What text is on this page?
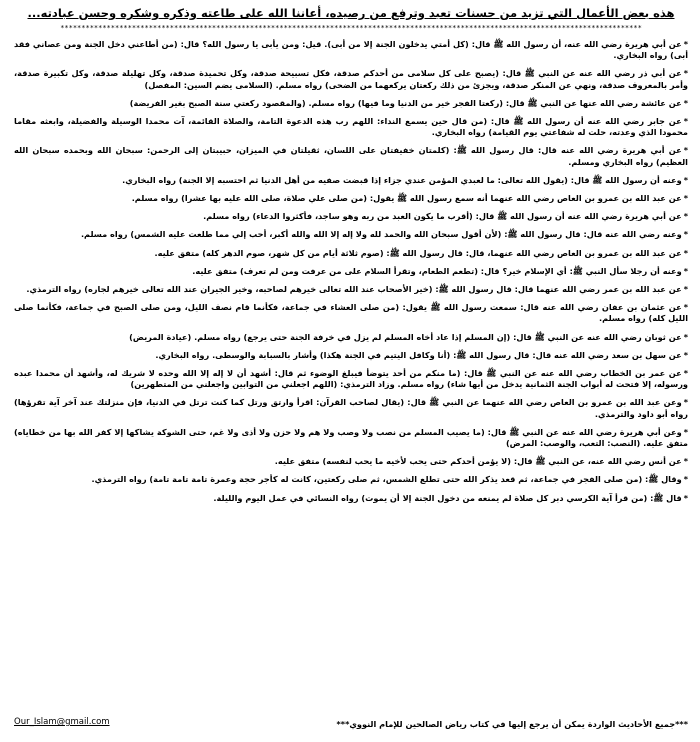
هذه بعض الأعمال التي تزيد من حسنات تعبد وترفع من رصيده، أعاننا الله على طاعته وذكره وشكره وحسن عبادته...
******************************************************************************************************************************************
*عن أبي هريرة رضي الله عنه، أن رسول الله ﷺ قال: (كل أمتي يدخلون الجنة إلا من أبى). قيل: ومن يأبى يا رسول الله؟ قال: (من أطاعني دخل الجنة ومن عصاني فقد أبى) رواه البخاري.
*عن أبي ذر رضي الله عنه عن النبي ﷺ قال: (يصبح على كل سلامى من أحدكم صدقة، فكل تسبيحة صدقة، وكل تحميدة صدقة، وكل تهليلة صدقة، وكل تكبيرة صدقة، وأمر بالمعروف صدقة، ونهي عن المنكر صدقة، ويجزئ من ذلك ركعتان يركعهما من الضحى) رواه مسلم. (السلامى يضم السين: المفصل)
*عن عائشة رضي الله عنها عن النبي ﷺ قال: (ركعتا الفجر خير من الدنيا وما فيها) رواه مسلم. (والمقصود ركعتي سنة الصبح بغير الفريضة)
*عن جابر رضي الله عنه أن رسول الله ﷺ قال: (من قال حين يسمع النداء: اللهم رب هذه الدعوة التامة، والصلاة القائمة، آت محمدا الوسيلة والفضيلة، وابعثه مقاما محمودا الذي وعدته، حلت له شفاعتي يوم القيامة) رواه البخاري.
*عن أبي هريرة رضي الله عنه قال: قال رسول الله ﷺ: (كلمتان خفيفتان على اللسان، ثقيلتان في الميزان، حبيبتان إلى الرحمن: سبحان الله وبحمده سبحان الله العظيم) رواه البخاري ومسلم.
*وعنه أن رسول الله ﷺ قال: (يقول الله تعالى: ما لعبدي المؤمن عندي جزاء إذا قبضت صفيه من أهل الدنيا ثم احتسبه إلا الجنة) رواه البخاري.
*عن عبد الله بن عمرو بن العاص رضي الله عنهما أنه سمع رسول الله ﷺ يقول: (من صلى علي صلاة، صلى الله عليه بها عشرا) رواه مسلم.
*عن أبي هريرة رضي الله عنه أن رسول الله ﷺ قال: (أقرب ما يكون العبد من ربه وهو ساجد، فأكثروا الدعاء) رواه مسلم.
*وعنه رضي الله عنه قال: قال رسول الله ﷺ: (لأن أقول سبحان الله والحمد لله ولا إله إلا الله والله أكبر، أحب إلي مما طلعت عليه الشمس) رواه مسلم.
*عن عبد الله بن عمرو بن العاص رضي الله عنهما، قال: قال رسول الله ﷺ: (صوم ثلاثة أيام من كل شهر، صوم الدهر كله) متفق عليه.
*وعنه أن رجلا سأل النبي ﷺ: أي الإسلام خير؟ قال: (تطعم الطعام، وتقرأ السلام على من عرفت ومن لم تعرف) متفق عليه.
*عن عبد الله بن عمر رضي الله عنهما قال: قال رسول الله ﷺ: (خير الأصحاب عند الله تعالى خيرهم لصاحبه، وخير الجيران عند الله تعالى خيرهم لجاره) رواه الترمذي.
*عن عثمان بن عفان رضي الله عنه قال: سمعت رسول الله ﷺ يقول: (من صلى العشاء في جماعة، فكأنما قام نصف الليل، ومن صلى الصبح في جماعة، فكأنما صلى الليل كله) رواه مسلم.
*عن ثوبان رضي الله عنه عن النبي ﷺ قال: (إن المسلم إذا عاد أخاه المسلم لم يزل في خرفة الجنة حتى يرجع) رواه مسلم. (عيادة المريض)
*عن سهل بن سعد رضي الله عنه قال: قال رسول الله ﷺ: (أنا وكافل اليتيم في الجنة هكذا) وأشار بالسبابة والوسطى. رواه البخاري.
*عن عمر بن الخطاب رضي الله عنه عن النبي ﷺ قال: (ما منكم من أحد يتوضأ فيبلغ الوضوء ثم قال: أشهد أن لا إله إلا الله وحده لا شريك له، وأشهد أن محمدا عبده ورسوله، إلا فتحت له أبواب الجنة الثمانية يدخل من أيها شاء) رواه مسلم. وزاد الترمذي: (اللهم اجعلني من التوابين واجعلني من المتطهرين)
*وعن عبد الله بن عمرو بن العاص رضي الله عنهما عن النبي ﷺ قال: (يقال لصاحب القرآن: اقرأ وارتق ورتل كما كنت ترتل في الدنيا، فإن منزلتك عند آخر آية تقرؤها) رواه أبو داود والترمذي.
*وعن أبي هريرة رضي الله عنه عن النبي ﷺ قال: (ما يصيب المسلم من نصب ولا وصب ولا هم ولا حزن ولا أذى ولا غم، حتى الشوكة يشاكها إلا كفر الله بها من خطاياه) متفق عليه. (النصب: التعب، والوصب: المرض)
*عن أنس رضي الله عنه، عن النبي ﷺ قال: (لا يؤمن أحدكم حتى يحب لأخيه ما يحب لنفسه) متفق عليه.
*وقال ﷺ: (من صلى الفجر في جماعة، ثم قعد يذكر الله حتى تطلع الشمس، ثم صلى ركعتين، كانت له كأجر حجة وعمرة تامة تامة تامة) رواه الترمذي.
*قال ﷺ: (من قرأ آية الكرسي دبر كل صلاة لم يمنعه من دخول الجنة إلا أن يموت) رواه النسائي في عمل اليوم والليلة.
***جميع الأحاديث الواردة يمكن أن يرجع إليها في كتاب رياض الصالحين للإمام النووي***
Our_Islam@gmail.com
